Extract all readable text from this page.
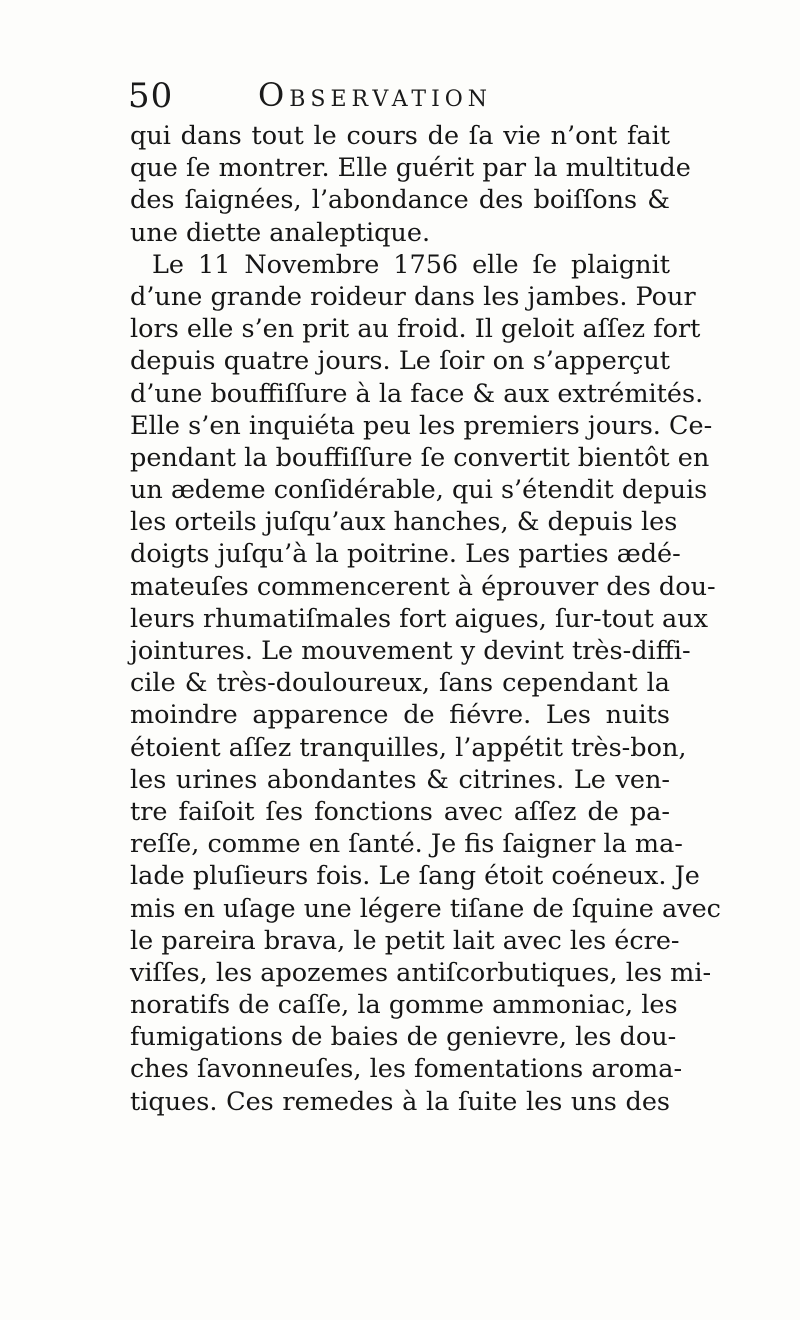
50	Observation
qui dans tout le cours de ſa vie n’ont fait
que ſe montrer. Elle guérit par la multitude
des ſaignées, l’abondance des boiſſons &
une diette analeptique.
Le 11 Novembre 1756 elle ſe plaignit
d’une grande roideur dans les jambes. Pour
lors elle s’en prit au froid. Il geloit aſſez fort
depuis quatre jours. Le ſoir on s’apperçut
d’une bouffiſſure à la face & aux extrémités.
Elle s’en inquiéta peu les premiers jours. Ce-
pendant la bouffiſſure ſe convertit bientôt en
un ædeme conſidérable, qui s’étendit depuis
les orteils juſqu’aux hanches, & depuis les
doigts juſqu’à la poitrine. Les parties ædé-
mateuſes commencerent à éprouver des dou-
leurs rhumatiſmales fort aigues, ſur-tout aux
jointures. Le mouvement y devint très-diffi-
cile & très-douloureux, ſans cependant la
moindre apparence de fiévre. Les nuits
étoient aſſez tranquilles, l’appétit très-bon,
les urines abondantes & citrines. Le ven-
tre faiſoit ſes fonctions avec aſſez de pa-
reſſe, comme en ſanté. Je fis ſaigner la ma-
lade pluſieurs fois. Le ſang étoit coéneux. Je
mis en uſage une légere tiſane de ſquine avec
le pareira brava, le petit lait avec les écre-
viſſes, les apozemes antiſcorbutiques, les mi-
noratifs de caſſe, la gomme ammoniac, les
fumigations de baies de genievre, les dou-
ches ſavonneuſes, les fomentations aroma-
tiques. Ces remedes à la ſuite les uns des
